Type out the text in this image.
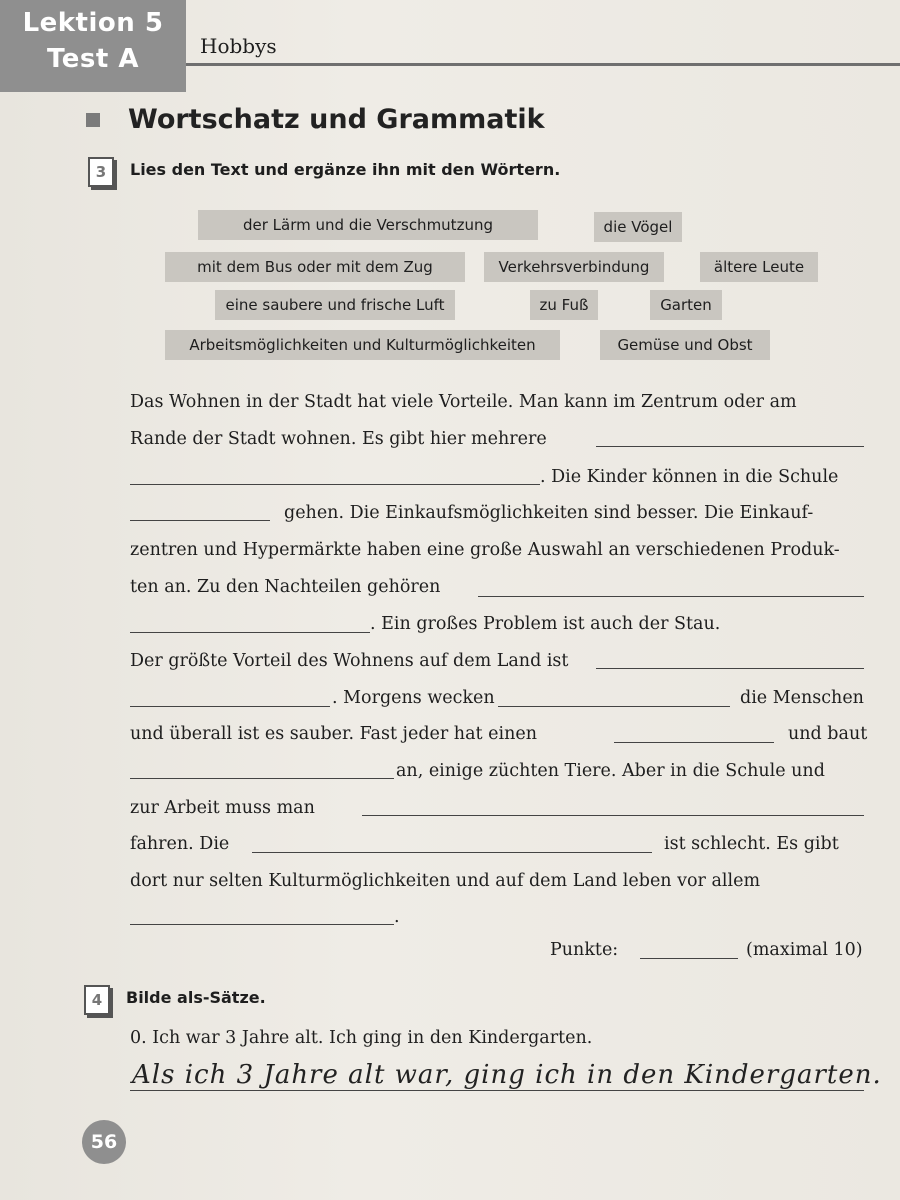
Lektion 5
Test A	Hobbys
Wortschatz und Grammatik
3	Lies den Text und ergänze ihn mit den Wörtern.
der Lärm und die Verschmutzung	die Vögel
mit dem Bus oder mit dem Zug	Verkehrsverbindung	ältere Leute
eine saubere und frische Luft	zu Fuß	Garten
Arbeitsmöglichkeiten und Kulturmöglichkeiten	Gemüse und Obst
Das Wohnen in der Stadt hat viele Vorteile. Man kann im Zentrum oder am
Rande der Stadt wohnen. Es gibt hier mehrere
. Die Kinder können in die Schule
gehen. Die Einkaufsmöglichkeiten sind besser. Die Einkauf-
zentren und Hypermärkte haben eine große Auswahl an verschiedenen Produk-
ten an. Zu den Nachteilen gehören
. Ein großes Problem ist auch der Stau.
Der größte Vorteil des Wohnens auf dem Land ist
. Morgens wecken	die Menschen
und überall ist es sauber. Fast jeder hat einen	und baut
an, einige züchten Tiere. Aber in die Schule und
zur Arbeit muss man
fahren. Die	ist schlecht. Es gibt
dort nur selten Kulturmöglichkeiten und auf dem Land leben vor allem
.
Punkte:	(maximal 10)
4	Bilde als-Sätze.
0. Ich war 3 Jahre alt. Ich ging in den Kindergarten.
Als ich 3 Jahre alt war, ging ich in den Kindergarten.
56
